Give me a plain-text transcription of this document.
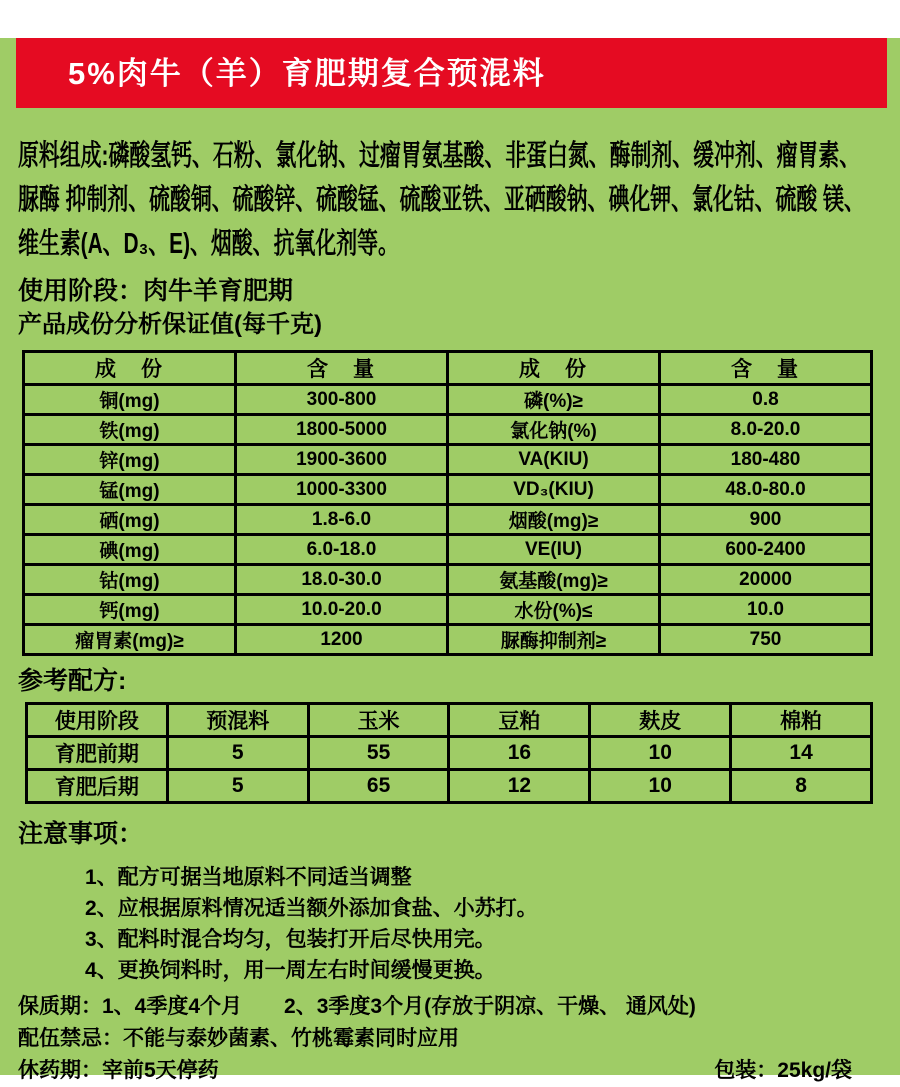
5%肉牛（羊）育肥期复合预混料
原料组成:磷酸氢钙、石粉、氯化钠、过瘤胃氨基酸、非蛋白氮、酶制剂、缓冲剂、瘤胃素、
脲酶 抑制剂、硫酸铜、硫酸锌、硫酸锰、硫酸亚铁、亚硒酸钠、碘化钾、氯化钴、硫酸 镁、
维生素(A、D₃、E)、烟酸、抗氧化剂等。
使用阶段：肉牛羊育肥期
产品成份分析保证值(每千克)
成　份	含　量	成　份	含　量
铜(mg)	300-800	磷(%)≥	0.8
铁(mg)	1800-5000	氯化钠(%)	8.0-20.0
锌(mg)	1900-3600	VA(KIU)	180-480
锰(mg)	1000-3300	VD₃(KIU)	48.0-80.0
硒(mg)	1.8-6.0	烟酸(mg)≥	900
碘(mg)	6.0-18.0	VE(IU)	600-2400
钴(mg)	18.0-30.0	氨基酸(mg)≥	20000
钙(mg)	10.0-20.0	水份(%)≤	10.0
瘤胃素(mg)≥	1200	脲酶抑制剂≥	750
参考配方:
使用阶段	预混料	玉米	豆粕	麸皮	棉粕
育肥前期	5	55	16	10	14
育肥后期	5	65	12	10	8
注意事项：
1、配方可据当地原料不同适当调整
2、应根据原料情况适当额外添加食盐、小苏打。
3、配料时混合均匀，包装打开后尽快用完。
4、更换饲料时，用一周左右时间缓慢更换。
保质期：1、4季度4个月　　2、3季度3个月(存放于阴凉、干燥、 通风处)
配伍禁忌：不能与泰妙菌素、竹桃霉素同时应用
休药期：宰前5天停药	包装：25kg/袋
